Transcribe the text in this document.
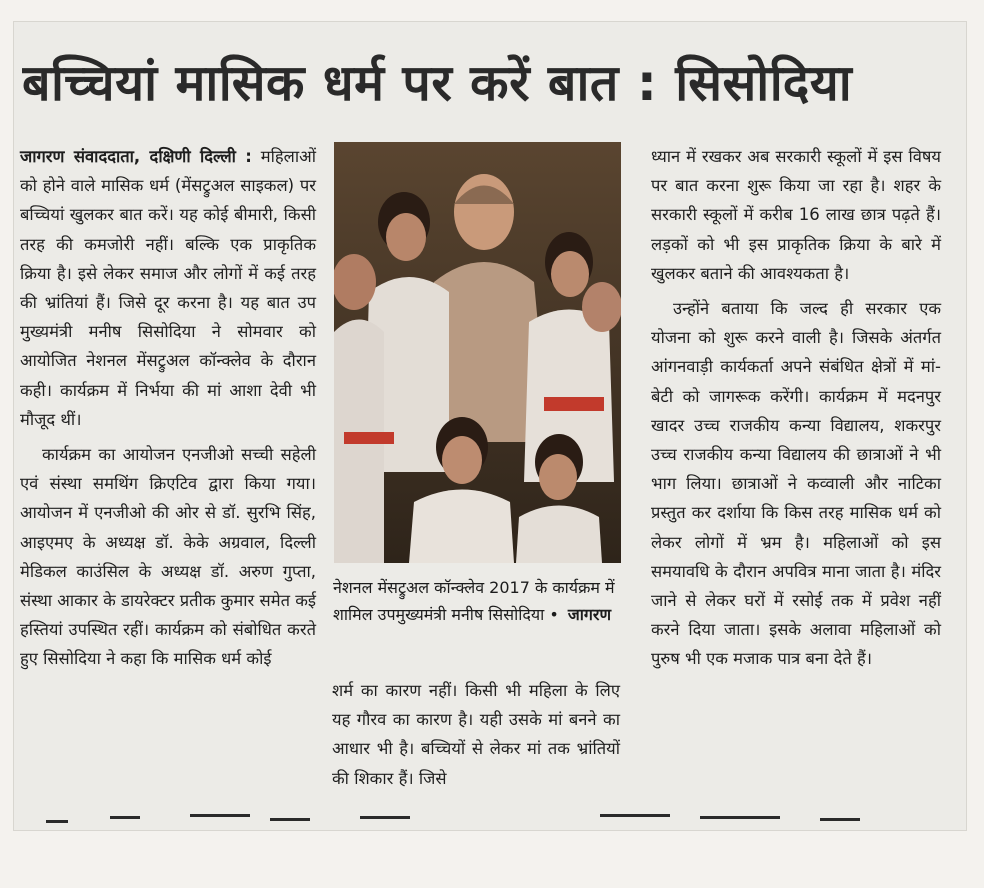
बच्चियां मासिक धर्म पर करें बात : सिसोदिया

जागरण संवाददाता, दक्षिणी दिल्ली : महिलाओं को होने वाले मासिक धर्म (मेंसट्रुअल साइकल) पर बच्चियां खुलकर बात करें। यह कोई बीमारी, किसी तरह की कमजोरी नहीं। बल्कि एक प्राकृतिक क्रिया है। इसे लेकर समाज और लोगों में कई तरह की भ्रांतियां हैं। जिसे दूर करना है। यह बात उप मुख्यमंत्री मनीष सिसोदिया ने सोमवार को आयोजित नेशनल मेंसट्रुअल कॉन्क्लेव के दौरान कही। कार्यक्रम में निर्भया की मां आशा देवी भी मौजूद थीं।

कार्यक्रम का आयोजन एनजीओ सच्ची सहेली एवं संस्था समथिंग क्रिएटिव द्वारा किया गया। आयोजन में एनजीओ की ओर से डॉ. सुरभि सिंह, आइएमए के अध्यक्ष डॉ. केके अग्रवाल, दिल्ली मेडिकल काउंसिल के अध्यक्ष डॉ. अरुण गुप्ता, संस्था आकार के डायरेक्टर प्रतीक कुमार समेत कई हस्तियां उपस्थित रहीं। कार्यक्रम को संबोधित करते हुए सिसोदिया ने कहा कि मासिक धर्म कोई

नेशनल मेंसट्रुअल कॉन्क्लेव 2017 के कार्यक्रम में शामिल उपमुख्यमंत्री मनीष सिसोदिया • जागरण

शर्म का कारण नहीं। किसी भी महिला के लिए यह गौरव का कारण है। यही उसके मां बनने का आधार भी है। बच्चियों से लेकर मां तक भ्रांतियों की शिकार हैं। जिसे

ध्यान में रखकर अब सरकारी स्कूलों में इस विषय पर बात करना शुरू किया जा रहा है। शहर के सरकारी स्कूलों में करीब 16 लाख छात्र पढ़ते हैं। लड़कों को भी इस प्राकृतिक क्रिया के बारे में खुलकर बताने की आवश्यकता है।

उन्होंने बताया कि जल्द ही सरकार एक योजना को शुरू करने वाली है। जिसके अंतर्गत आंगनवाड़ी कार्यकर्ता अपने संबंधित क्षेत्रों में मां-बेटी को जागरूक करेंगी। कार्यक्रम में मदनपुर खादर उच्च राजकीय कन्या विद्यालय, शकरपुर उच्च राजकीय कन्या विद्यालय की छात्राओं ने भी भाग लिया। छात्राओं ने कव्वाली और नाटिका प्रस्तुत कर दर्शाया कि किस तरह मासिक धर्म को लेकर लोगों में भ्रम है। महिलाओं को इस समयावधि के दौरान अपवित्र माना जाता है। मंदिर जाने से लेकर घरों में रसोई तक में प्रवेश नहीं करने दिया जाता। इसके अलावा महिलाओं को पुरुष भी एक मजाक पात्र बना देते हैं।
